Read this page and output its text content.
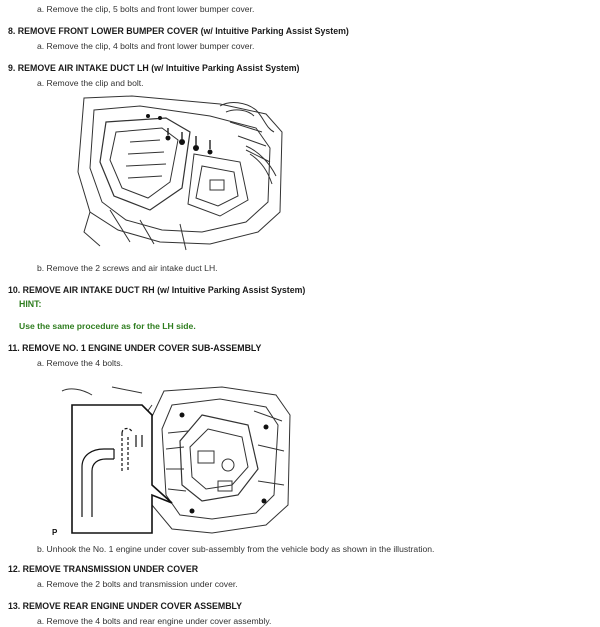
a. Remove the clip, 5 bolts and front lower bumper cover.
8. REMOVE FRONT LOWER BUMPER COVER (w/ Intuitive Parking Assist System)
a. Remove the clip, 4 bolts and front lower bumper cover.
9. REMOVE AIR INTAKE DUCT LH (w/ Intuitive Parking Assist System)
a. Remove the clip and bolt.
b. Remove the 2 screws and air intake duct LH.
10. REMOVE AIR INTAKE DUCT RH (w/ Intuitive Parking Assist System)
HINT:
Use the same procedure as for the LH side.
11. REMOVE NO. 1 ENGINE UNDER COVER SUB-ASSEMBLY
a. Remove the 4 bolts.
P
b. Unhook the No. 1 engine under cover sub-assembly from the vehicle body as shown in the illustration.
12. REMOVE TRANSMISSION UNDER COVER
a. Remove the 2 bolts and transmission under cover.
13. REMOVE REAR ENGINE UNDER COVER ASSEMBLY
a. Remove the 4 bolts and rear engine under cover assembly.
